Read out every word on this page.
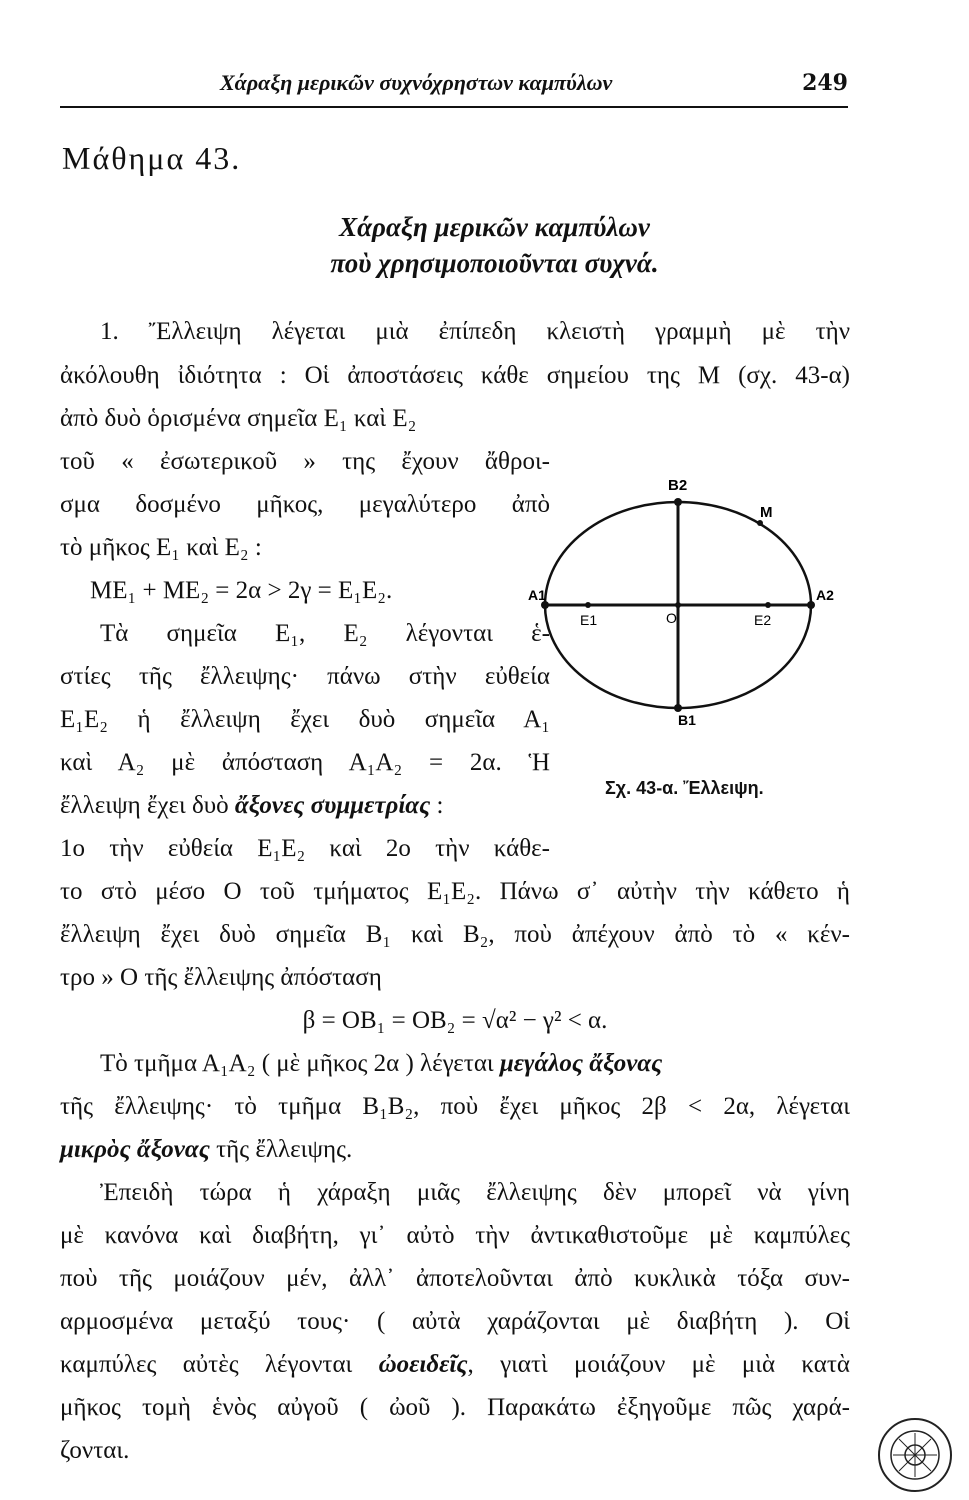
Χάραξη μερικῶν συχνόχρηστων καμπύλων	249
Μάθημα 43.
Χάραξη μερικῶν καμπύλων
ποὺ χρησιμοποιοῦνται συχνά.
1. Ἔλλειψη λέγεται μιὰ ἐπίπεδη κλειστὴ γραμμὴ μὲ τὴν
ἀκόλουθη ἰδιότητα : Οἱ ἀποστάσεις κάθε σημείου της Μ (σχ. 43-α)
ἀπὸ δυὸ ὁρισμένα σημεῖα Ε₁ καὶ Ε₂
τοῦ « ἐσωτερικοῦ » της ἔχουν ἄθροι-
σμα δοσμένο μῆκος, μεγαλύτερο ἀπὸ
τὸ μῆκος Ε₁ καὶ Ε₂ :
ΜΕ₁ + ΜΕ₂ = 2α > 2γ = Ε₁Ε₂.
Τὰ σημεῖα Ε₁, Ε₂ λέγονται ἑ-
στίες τῆς ἔλλειψης· πάνω στὴν εὐθεία
Ε₁Ε₂ ἡ ἔλλειψη ἔχει δυὸ σημεῖα Α₁
καὶ Α₂ μὲ ἀπόσταση Α₁Α₂ = 2α. Ἡ
ἔλλειψη ἔχει δυὸ ἄξονες συμμετρίας :
1ο τὴν εὐθεία Ε₁Ε₂ καὶ 2ο τὴν κάθε-
το στὸ μέσο Ο τοῦ τμήματος Ε₁Ε₂. Πάνω σ᾽ αὐτὴν τὴν κάθετο ἡ
ἔλλειψη ἔχει δυὸ σημεῖα Β₁ καὶ Β₂, ποὺ ἀπέχουν ἀπὸ τὸ « κέν-
τρο » Ο τῆς ἔλλειψης ἀπόσταση
β = ΟΒ₁ = ΟΒ₂ = √α² − γ² < α.
Τὸ τμῆμα Α₁Α₂ ( μὲ μῆκος 2α ) λέγεται μεγάλος ἄξονας
τῆς ἔλλειψης· τὸ τμῆμα Β₁Β₂, ποὺ ἔχει μῆκος 2β < 2α, λέγεται
μικρὸς ἄξονας τῆς ἔλλειψης.
Ἐπειδὴ τώρα ἡ χάραξη μιᾶς ἔλλειψης δὲν μπορεῖ νὰ γίνη
μὲ κανόνα καὶ διαβήτη, γι᾽ αὐτὸ τὴν ἀντικαθιστοῦμε μὲ καμπύλες
ποὺ τῆς μοιάζουν μέν, ἀλλ᾽ ἀποτελοῦνται ἀπὸ κυκλικὰ τόξα συν-
αρμοσμένα μεταξύ τους· ( αὐτὰ χαράζονται μὲ διαβήτη ). Οἱ
καμπύλες αὐτὲς λέγονται ὠοειδεῖς, γιατὶ μοιάζουν μὲ μιὰ κατὰ
μῆκος τομὴ ἑνὸς αὐγοῦ ( ὠοῦ ). Παρακάτω ἐξηγοῦμε πῶς χαρά-
ζονται.
B2
M
A1	A2
E1	O	E2
B1
Σχ. 43-α. Ἔλλειψη.
